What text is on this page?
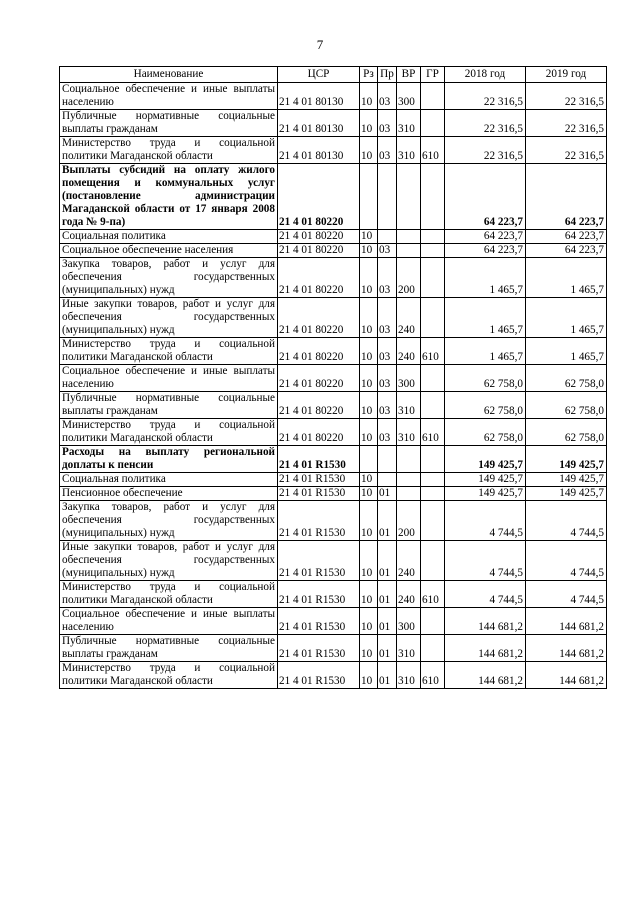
7
Наименование	ЦСР	Рз	Пр	ВР	ГР	2018 год	2019 год
Социальное обеспечение и иные выплаты населению	21 4 01 80130	10	03	300		22 316,5	22 316,5
Публичные нормативные социальные выплаты гражданам	21 4 01 80130	10	03	310		22 316,5	22 316,5
Министерство труда и социальной политики Магаданской области	21 4 01 80130	10	03	310	610	22 316,5	22 316,5
Выплаты субсидий на оплату жилого помещения и коммунальных услуг (постановление администрации Магаданской области от 17 января 2008 года № 9-па)	21 4 01 80220					64 223,7	64 223,7
Социальная политика	21 4 01 80220	10				64 223,7	64 223,7
Социальное обеспечение населения	21 4 01 80220	10	03			64 223,7	64 223,7
Закупка товаров, работ и услуг для обеспечения государственных (муниципальных) нужд	21 4 01 80220	10	03	200		1 465,7	1 465,7
Иные закупки товаров, работ и услуг для обеспечения государственных (муниципальных) нужд	21 4 01 80220	10	03	240		1 465,7	1 465,7
Министерство труда и социальной политики Магаданской области	21 4 01 80220	10	03	240	610	1 465,7	1 465,7
Социальное обеспечение и иные выплаты населению	21 4 01 80220	10	03	300		62 758,0	62 758,0
Публичные нормативные социальные выплаты гражданам	21 4 01 80220	10	03	310		62 758,0	62 758,0
Министерство труда и социальной политики Магаданской области	21 4 01 80220	10	03	310	610	62 758,0	62 758,0
Расходы на выплату региональной доплаты к пенсии	21 4 01 R1530					149 425,7	149 425,7
Социальная политика	21 4 01 R1530	10				149 425,7	149 425,7
Пенсионное обеспечение	21 4 01 R1530	10	01			149 425,7	149 425,7
Закупка товаров, работ и услуг для обеспечения государственных (муниципальных) нужд	21 4 01 R1530	10	01	200		4 744,5	4 744,5
Иные закупки товаров, работ и услуг для обеспечения государственных (муниципальных) нужд	21 4 01 R1530	10	01	240		4 744,5	4 744,5
Министерство труда и социальной политики Магаданской области	21 4 01 R1530	10	01	240	610	4 744,5	4 744,5
Социальное обеспечение и иные выплаты населению	21 4 01 R1530	10	01	300		144 681,2	144 681,2
Публичные нормативные социальные выплаты гражданам	21 4 01 R1530	10	01	310		144 681,2	144 681,2
Министерство труда и социальной политики Магаданской области	21 4 01 R1530	10	01	310	610	144 681,2	144 681,2
